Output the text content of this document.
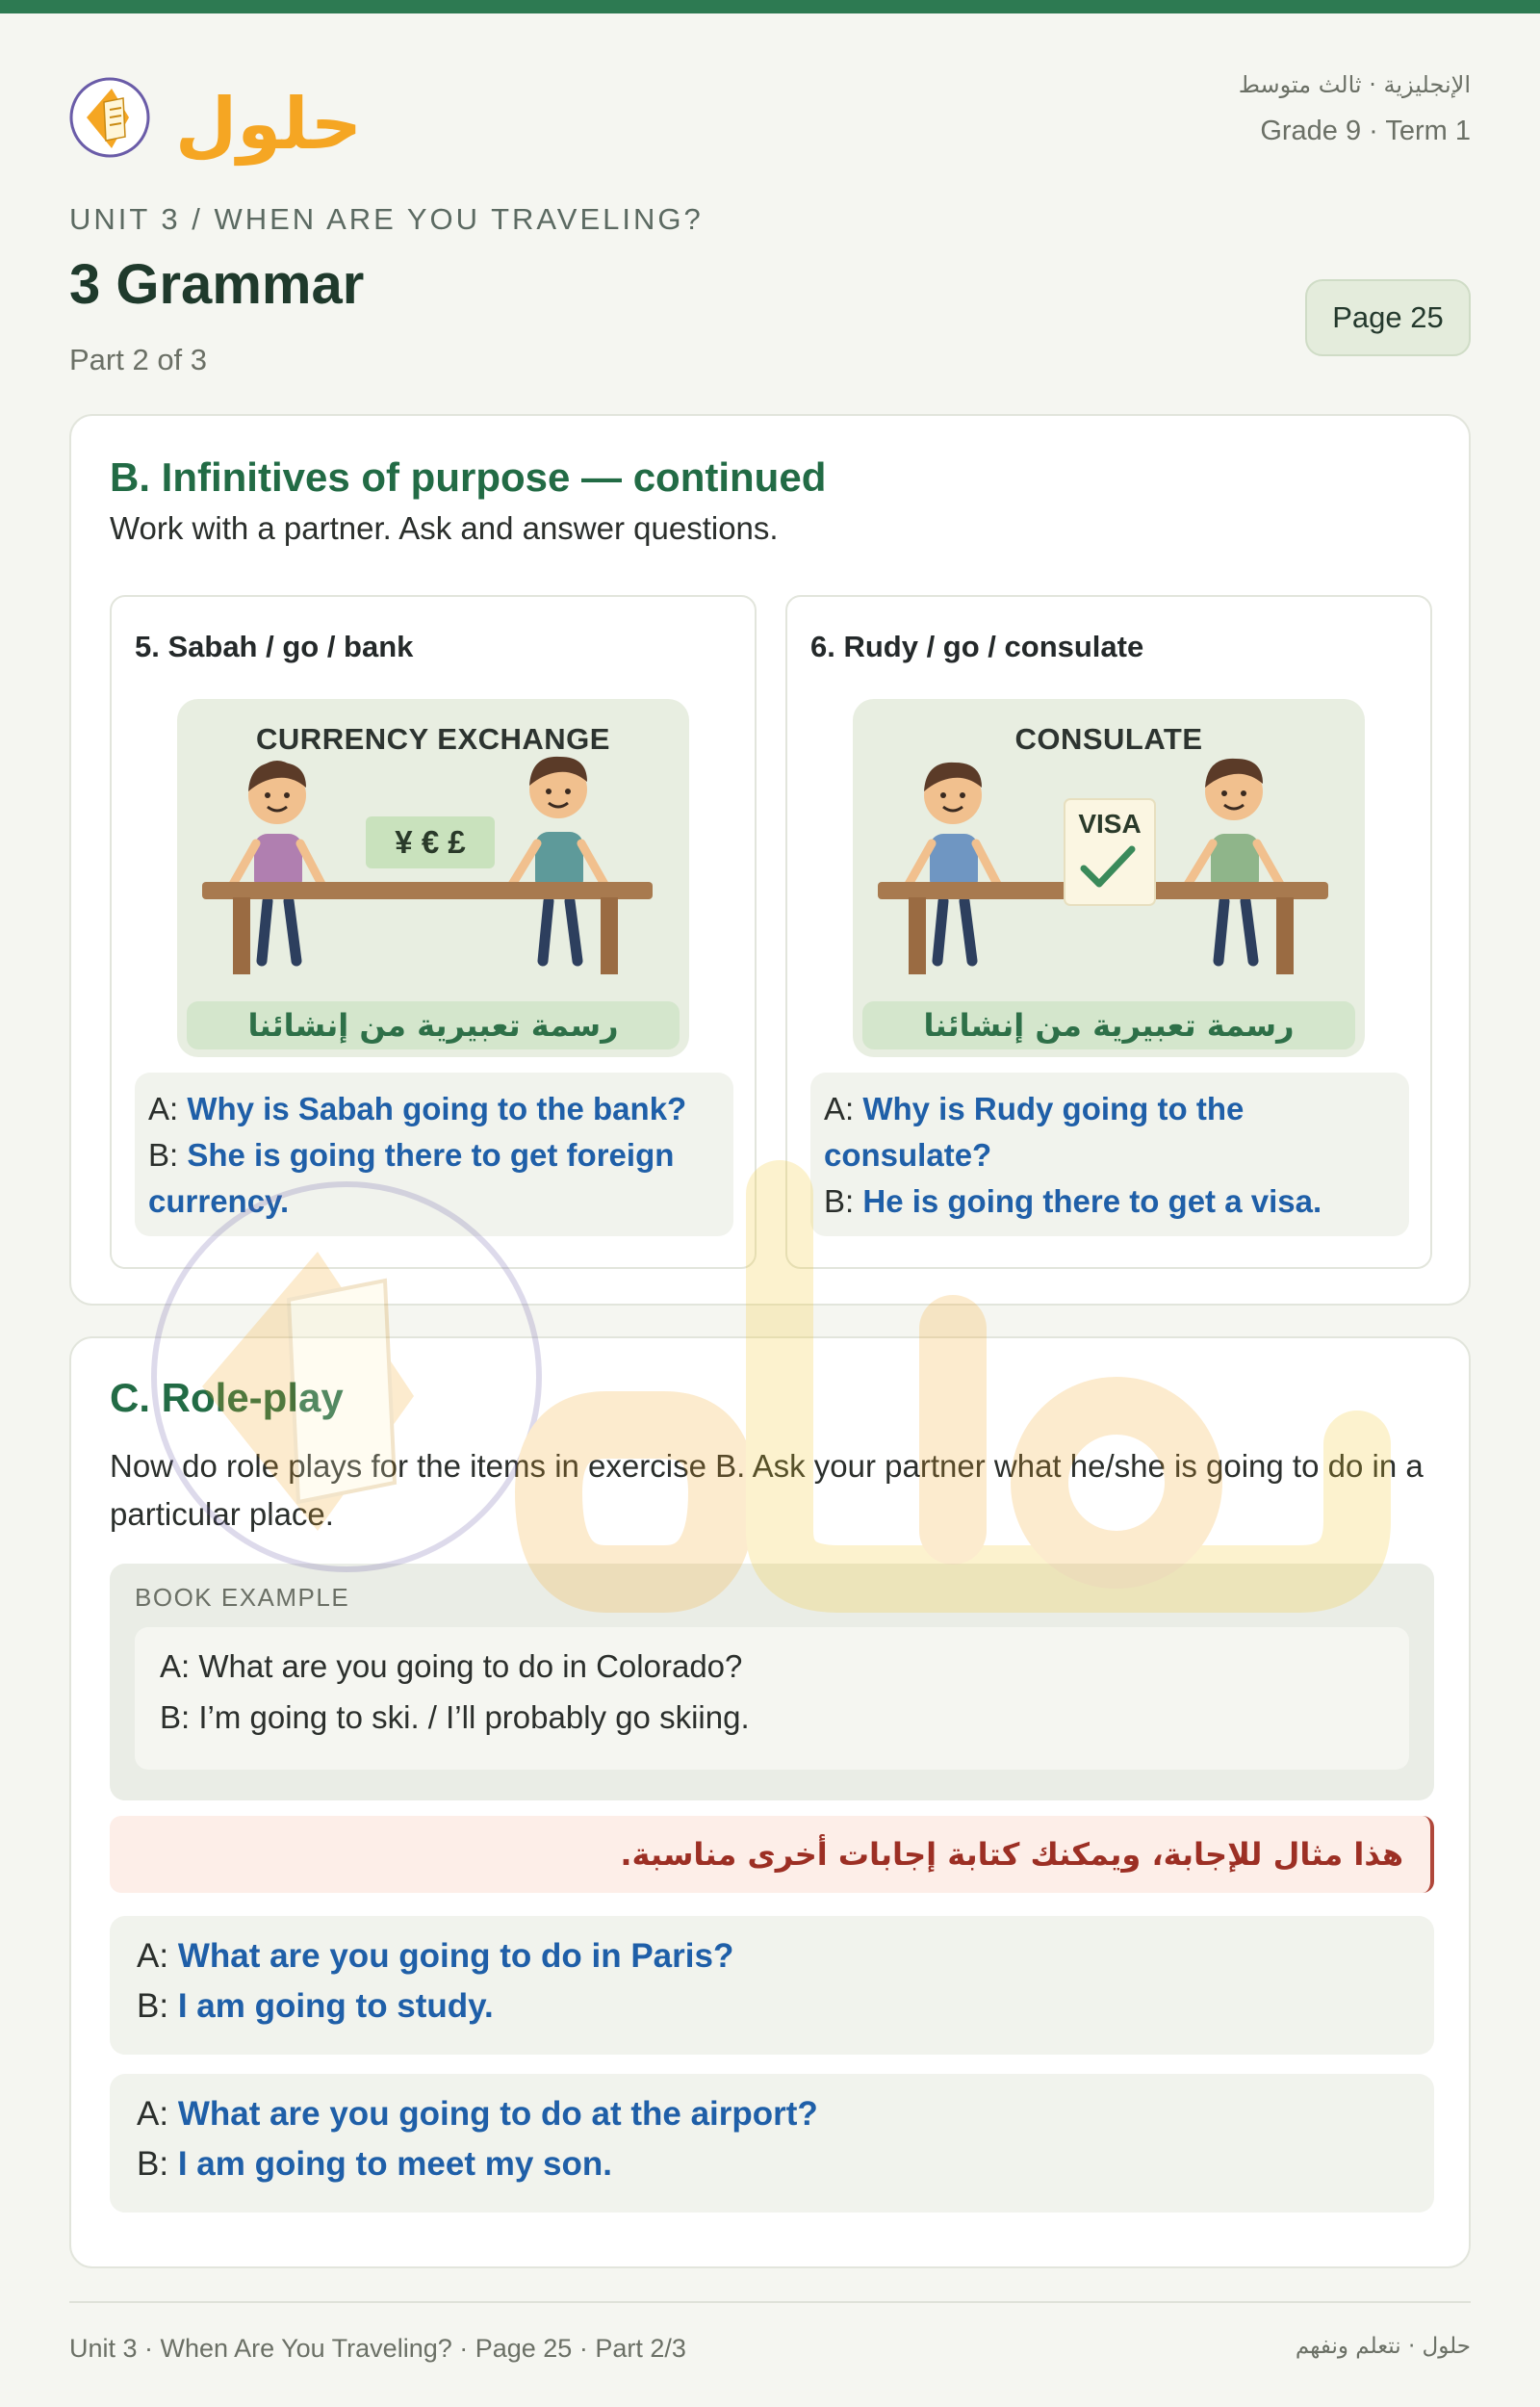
حلول	الإنجليزية · ثالث متوسط
Grade 9 · Term 1
UNIT 3 / WHEN ARE YOU TRAVELING?
3 Grammar
Part 2 of 3
Page 25
B. Infinitives of purpose — continued
Work with a partner. Ask and answer questions.
5. Sabah / go / bank
CURRENCY EXCHANGE
¥ € £
رسمة تعبيرية من إنشائنا
A: Why is Sabah going to the bank?
B: She is going there to get foreign currency.
6. Rudy / go / consulate
CONSULATE
VISA
رسمة تعبيرية من إنشائنا
A: Why is Rudy going to the consulate?
B: He is going there to get a visa.
C. Role-play
Now do role plays for the items in exercise B. Ask your partner what he/she is going to do in a particular place.
BOOK EXAMPLE
A: What are you going to do in Colorado?
B: I’m going to ski. / I’ll probably go skiing.
هذا مثال للإجابة، ويمكنك كتابة إجابات أخرى مناسبة.
A: What are you going to do in Paris?
B: I am going to study.
A: What are you going to do at the airport?
B: I am going to meet my son.
Unit 3 · When Are You Traveling? · Page 25 · Part 2/3	حلول · نتعلم ونفهم
